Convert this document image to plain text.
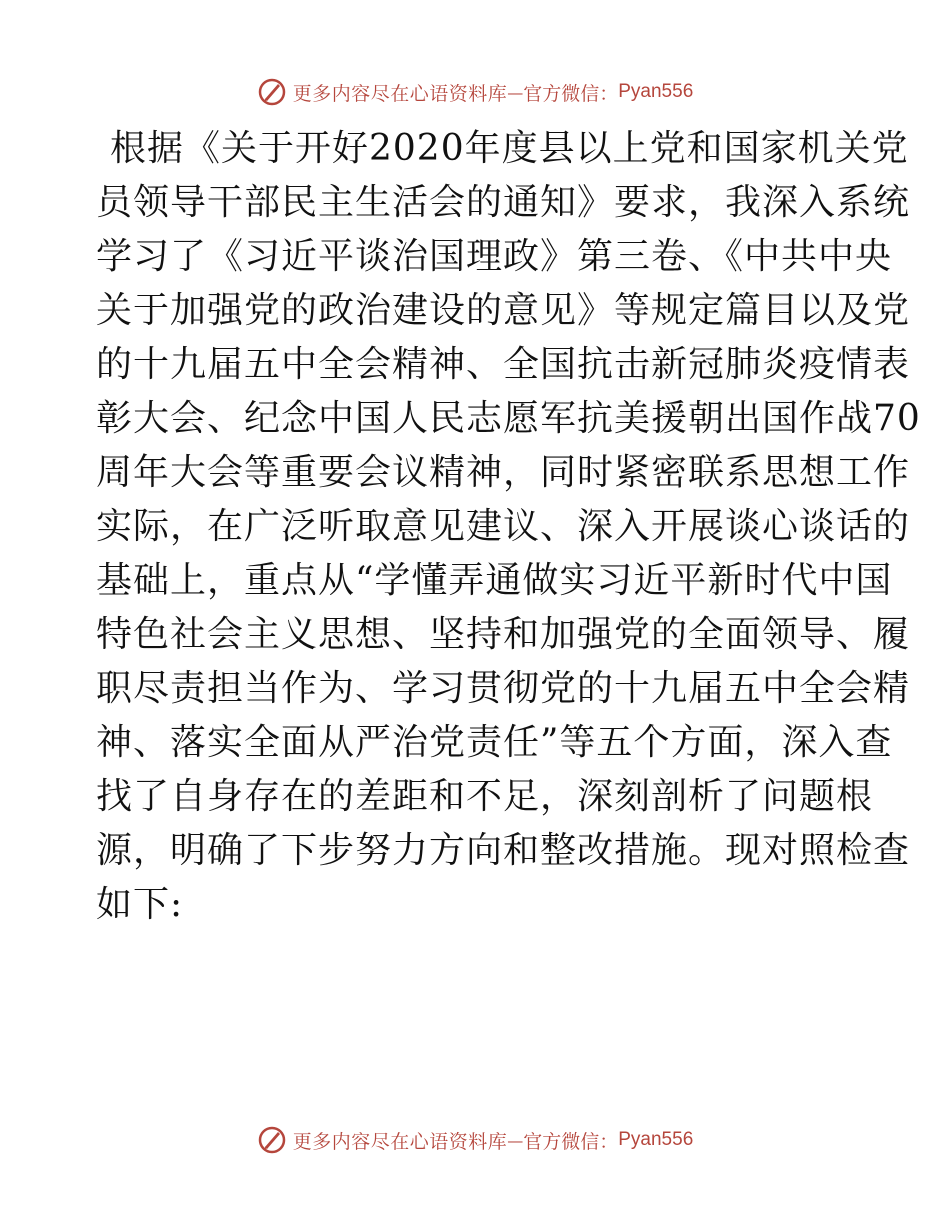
更多内容尽在心语资料库 — 官方微信： Pyan556
根据《关于开好2020年度县以上党和国家机关党
员领导干部民主生活会的通知》要求，我深入系统
学习了《习近平谈治国理政》第三卷、《中共中央
关于加强党的政治建设的意见》等规定篇目以及党
的十九届五中全会精神、全国抗击新冠肺炎疫情表
彰大会、纪念中国人民志愿军抗美援朝出国作战70
周年大会等重要会议精神，同时紧密联系思想工作
实际，在广泛听取意见建议、深入开展谈心谈话的
基础上，重点从“学懂弄通做实习近平新时代中国
特色社会主义思想、坚持和加强党的全面领导、履
职尽责担当作为、学习贯彻党的十九届五中全会精
神、落实全面从严治党责任”等五个方面，深入查
找了自身存在的差距和不足，深刻剖析了问题根
源，明确了下步努力方向和整改措施。现对照检查
如下:
更多内容尽在心语资料库 — 官方微信： Pyan556
